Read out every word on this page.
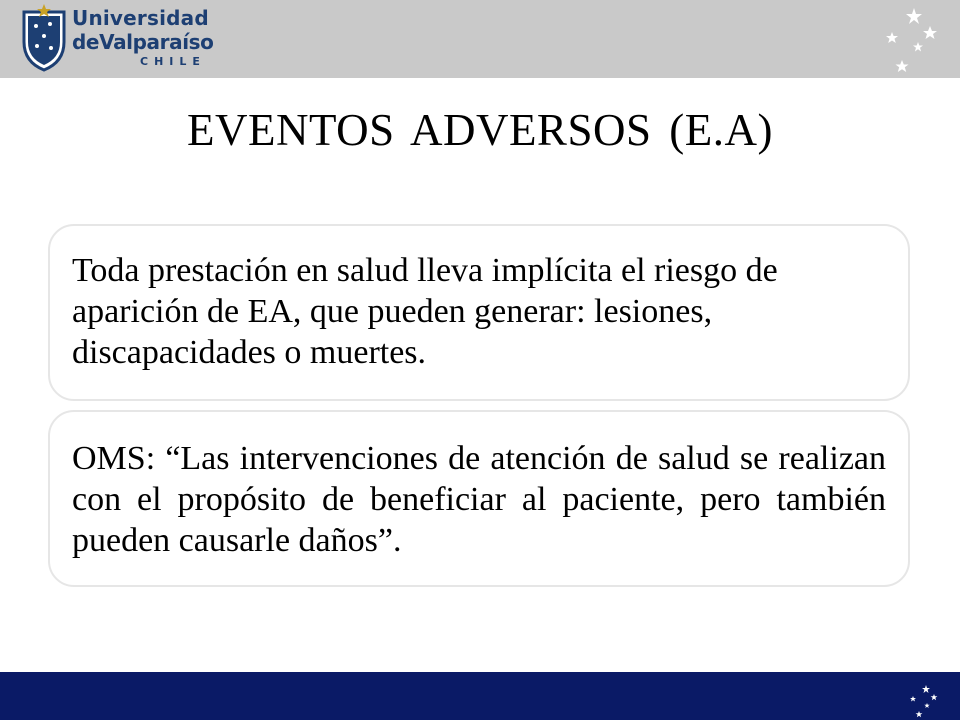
Universidad
deValparaíso
CHILE
EVENTOS ADVERSOS (E.A)

Toda prestación en salud lleva implícita el riesgo de aparición de EA, que pueden generar: lesiones, discapacidades o muertes.

OMS: “Las intervenciones de atención de salud se realizan con el propósito de beneficiar al paciente, pero también pueden causarle daños”.
